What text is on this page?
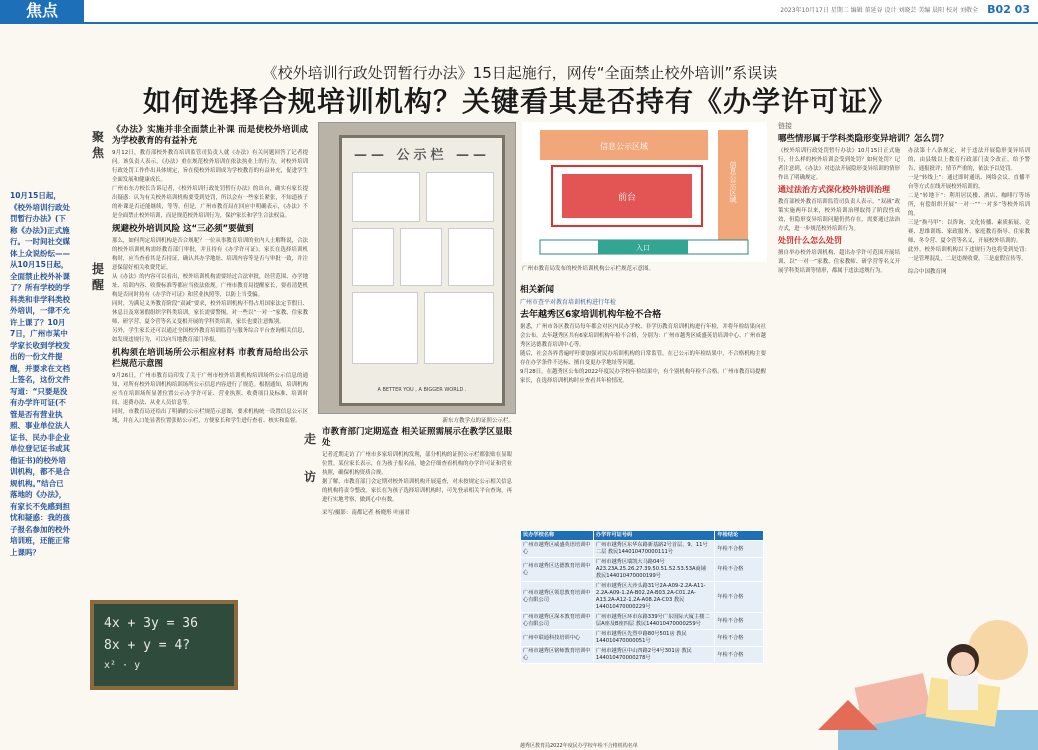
焦点	2023年10月17日 星期二 编辑 董延谷 设计 刘晓芸 美编 晨阳 校对 刘敬全 B02 03
《校外培训行政处罚暂行办法》15日起施行，网传“全面禁止校外培训”系误读
如何选择合规培训机构？关键看其是否持有《办学许可证》
聚
焦
提
醒
走
访
10月15日起，《校外培训行政处罚暂行办法》(下称《办法》)正式施行。一时间社交媒体上众说纷纭——从10月15日起，全面禁止校外补课了？所有学校的学科类和非学科类校外培训，一律不允许上课了？10月7日，广州市某中学家长收到学校发出的一份文件提醒，并要求在文档上签名，这份文件写道：“只要是没有办学许可证(不管是否有营业执照、事业单位法人证书、民办非企业单位登记证书或其他证书)的校外培训机构，都不是合规机构。”结合已落地的《办法》，有家长不免感到担忧和疑惑：我的孩子报名参加的校外培训班，还能正常上课吗？
《办法》实施并非全面禁止补课 而是使校外培训成为学校教育的有益补充
9月12日，教育部校外教育培训监管司负责人就《办法》有关问题回答了记者提问。该负责人表示，《办法》重在规范校外培训在依法执业上的行为，对校外培训行政处罚工作作出具体规定，旨在使校外培训成为学校教育的有益补充，促进学生全面发展和健康成长。
广州市东方校长告诉记者，《校外培训行政处罚暂行办法》的出台，确实有家长提出疑惑：认为有关校外培训机构要受到处罚，所以会有一些家长紧张，不知道孩子的补课是否还能继续，等等。但是，广州市教育局在回应中明确表示，《办法》不是全面禁止校外培训，而是规范校外培训行为，保护家长和学生合法权益。
规避校外培训风险 这“三必须”要做到
那么，如何判定培训机构是否合规呢？一位从事教育培训的业内人士解释说，合法的校外培训机构需经教育部门审批，并且持有《办学许可证》。家长在选择培训机构时，应当查看其是否持证，确认其办学地址、培训内容等是否与审批一致，并注意保留好相关收费凭证。
从《办法》的内容可以看出，校外培训机构需要经过合法审批，经营范围、办学地址、培训内容、收费标准等都应当依法依规。广州市教育局提醒家长，要看清楚机构是否同时持有《办学许可证》和营业执照等，以防上当受骗。
同时，为满足义务教育阶段“双减”要求，校外培训机构不得占用国家法定节假日、休息日及寒暑假组织学科类培训，家长需要警惕。对一些以“一对一”家教、住家教师、研学营、夏令营等名义变相开展的学科类培训，家长也要注意甄别。
另外，学生家长还可以通过全国校外教育培训监管与服务综合平台查询相关信息，如发现违规行为，可以向当地教育部门举报。
机构须在培训场所公示相应材料 市教育局给出公示栏规范示意图
9月26日，广州市教育局印发了关于广州市校外培训机构培训场所公示信息的通知，对所有校外培训机构培训场所公示信息内容进行了规范。根据通知，培训机构应当在培训场所显著位置公示办学许可证、营业执照、收费项目及标准、培训时间、退费办法、从业人员信息等。
同时，市教育局还给出了明确的公示栏规范示意图，要求机构统一设置信息公示区域，并在入口处显著位置张贴公示栏，方便家长和学生进行查看、核实和监督。
4x + 3y = 36
8x + y = 4?
x² · y
—— 公示栏 ——
A BETTER YOU , A BIGGER WORLD .
新东方教学点的证照公示栏。
市教育部门定期巡查 相关证照需展示在教学区显眼处
记者近期走访了广州市多家培训机构发现，部分机构的证照公示栏都张贴在显眼位置。某位家长表示，在为孩子报名前，她会仔细查看机构的办学许可证和营业执照，确保机构资质合规。
据了解，市教育部门会定期对校外培训机构开展巡查，对未按规定公示相关信息的机构将责令整改。家长在为孩子选择培训机构时，可先登录相关平台查询，再进行实地考察，做到心中有数。
采写/摄影：南都记者 杨晓彤 叶丽君
信息公示区域
信息公示区域
前台
入口
广州市教育局发布的校外培训机构公示栏规范示意图。
相关新闻
广州市查平对教育培训机构进行年检
去年越秀区6家培训机构年检不合格
据悉，广州市各区教育局每年都会对区内民办学校、非学历教育培训机构进行年检，并将年检结果向社会公布。去年越秀区共有6家培训机构年检不合格，分别为：广州市越秀区威盛英语培训中心、广州市越秀区达德教育培训中心等。
随后，社会各界普遍呼吁要加强对民办培训机构的日常监管。在已公示的年检结果中，不合格机构主要存在办学条件不达标、擅自变更办学地址等问题。
9月28日，在越秀区公布的2022年度民办学校年检结果中，有个别机构年检不合格。广州市教育局提醒家长，在选择培训机构时应查看其年检情况。
民办学校名称	办学许可证号码	年检结论
广州市越秀区威盛英语培训中心	广州市越秀区东华东路新基路2号首层、9、11号二层 教民144010470000111号	年检不合格
广州市越秀区达德教育培训中心	广州市越秀区瑞凯大马路04号A23.23A.25.26.27.39.50.51.52.53.53A商铺 教民144010470000199号	年检不合格
广州市越秀区领思教育培训中心有限公司	广州市越秀区大沙头路31号2A-A09-2.2A-A11-2.2A-A09-1.2A-B02.2A-B03.2A-C01.2A-A13.2A-A12-1.2A-A08.2A-C03 教民144010470000229号	年检不合格
广州市越秀区深本教育培训中心有限公司	广州市越秀区环市东路339号广东国际大厦主楼二层A座及B座四层 教民144010470000259号	年检不合格
广州中联通科技培训中心	广州市越秀区先烈中路80号501房 教民144010470000051号	年检不合格
广州市越秀区铭师教育培训中心	广州市越秀区中山四路2号4号301房 教民144010470000278号	年检不合格
越秀区教育局2022年度民办学校年检不合格机构名单
链接
哪些情形属于学科类隐形变异培训？怎么罚？
《校外培训行政处罚暂行办法》10月15日正式施行，什么样的校外培训会受到处罚？如何处罚？记者注意到，《办法》对违法开展隐形变异培训的情形作出了明确规定。
通过法治方式深化校外培训治理
教育部校外教育培训监管司负责人表示，“双减”政策实施两年以来，校外培训治理取得了阶段性成效，但隐形变异培训问题仍然存在，需要通过法治方式，进一步规范校外培训行为。
处罚什么怎么处罚
擅自举办校外培训机构、超出办学许可范围开展培训、以“一对一”家教、住家教师、研学营等名义开展学科类培训等情形，都属于违法违规行为。
办法第十八条规定，对于违法开展隐形变异培训的，由县级以上教育行政部门责令改正，给予警告、通报批评；情节严重的，依法予以处罚。
一是“转线上”：通过即时通讯、网络会议、直播平台等方式在线开展校外培训的。
二是“转地下”：利用居民楼、酒店、咖啡厅等场所，有偿组织开展“一对一”“一对多”等校外培训的。
三是“换马甲”：以咨询、文化传播、素质拓展、竞赛、思维训练、家政服务、家庭教育指导、住家教师、冬令营、夏令营等名义，开展校外培训的。
此外，校外培训机构以下违规行为也将受到处罚：一是管理混乱，二是违规收费，三是虚假宣传等。
综合中国教育网
